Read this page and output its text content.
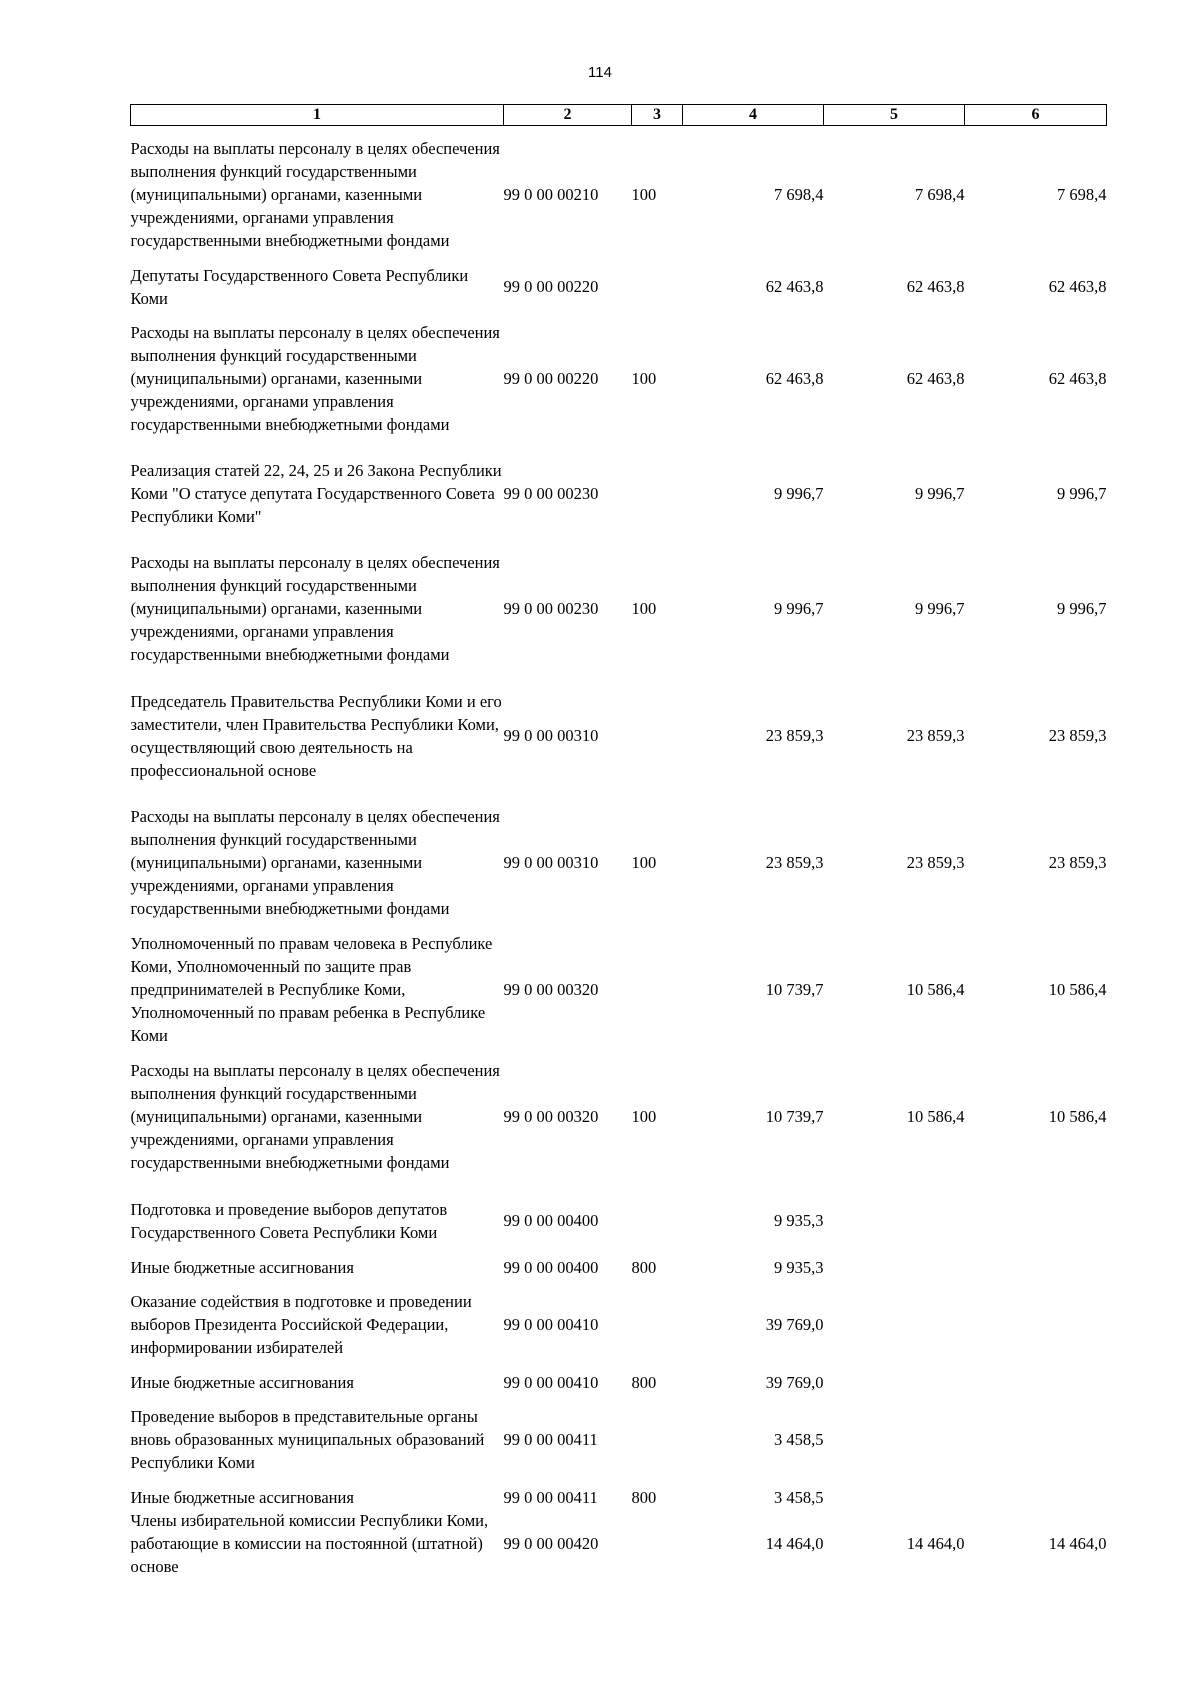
114
1	2	3	4	5	6
Расходы на выплаты персоналу в целях обеспечения выполнения функций государственными (муниципальными) органами, казенными учреждениями, органами управления государственными внебюджетными фондами	99 0 00 00210	100	7 698,4	7 698,4	7 698,4
Депутаты Государственного Совета Республики Коми	99 0 00 00220		62 463,8	62 463,8	62 463,8
Расходы на выплаты персоналу в целях обеспечения выполнения функций государственными (муниципальными) органами, казенными учреждениями, органами управления государственными внебюджетными фондами	99 0 00 00220	100	62 463,8	62 463,8	62 463,8
Реализация статей 22, 24, 25 и 26 Закона Республики Коми "О статусе депутата Государственного Совета Республики Коми"	99 0 00 00230		9 996,7	9 996,7	9 996,7
Расходы на выплаты персоналу в целях обеспечения выполнения функций государственными (муниципальными) органами, казенными учреждениями, органами управления государственными внебюджетными фондами	99 0 00 00230	100	9 996,7	9 996,7	9 996,7
Председатель Правительства Республики Коми и его заместители, член Правительства Республики Коми, осуществляющий свою деятельность на профессиональной основе	99 0 00 00310		23 859,3	23 859,3	23 859,3
Расходы на выплаты персоналу в целях обеспечения выполнения функций государственными (муниципальными) органами, казенными учреждениями, органами управления государственными внебюджетными фондами	99 0 00 00310	100	23 859,3	23 859,3	23 859,3
Уполномоченный по правам человека в Республике Коми, Уполномоченный по защите прав предпринимателей в Республике Коми, Уполномоченный по правам ребенка в Республике Коми	99 0 00 00320		10 739,7	10 586,4	10 586,4
Расходы на выплаты персоналу в целях обеспечения выполнения функций государственными (муниципальными) органами, казенными учреждениями, органами управления государственными внебюджетными фондами	99 0 00 00320	100	10 739,7	10 586,4	10 586,4
Подготовка и проведение выборов депутатов Государственного Совета Республики Коми	99 0 00 00400		9 935,3		
Иные бюджетные ассигнования	99 0 00 00400	800	9 935,3		
Оказание содействия в подготовке и проведении выборов Президента Российской Федерации, информировании избирателей	99 0 00 00410		39 769,0		
Иные бюджетные ассигнования	99 0 00 00410	800	39 769,0		
Проведение выборов в представительные органы вновь образованных муниципальных образований Республики Коми	99 0 00 00411		3 458,5		
Иные бюджетные ассигнования	99 0 00 00411	800	3 458,5		
Члены избирательной комиссии Республики Коми, работающие в комиссии на постоянной (штатной) основе	99 0 00 00420		14 464,0	14 464,0	14 464,0
